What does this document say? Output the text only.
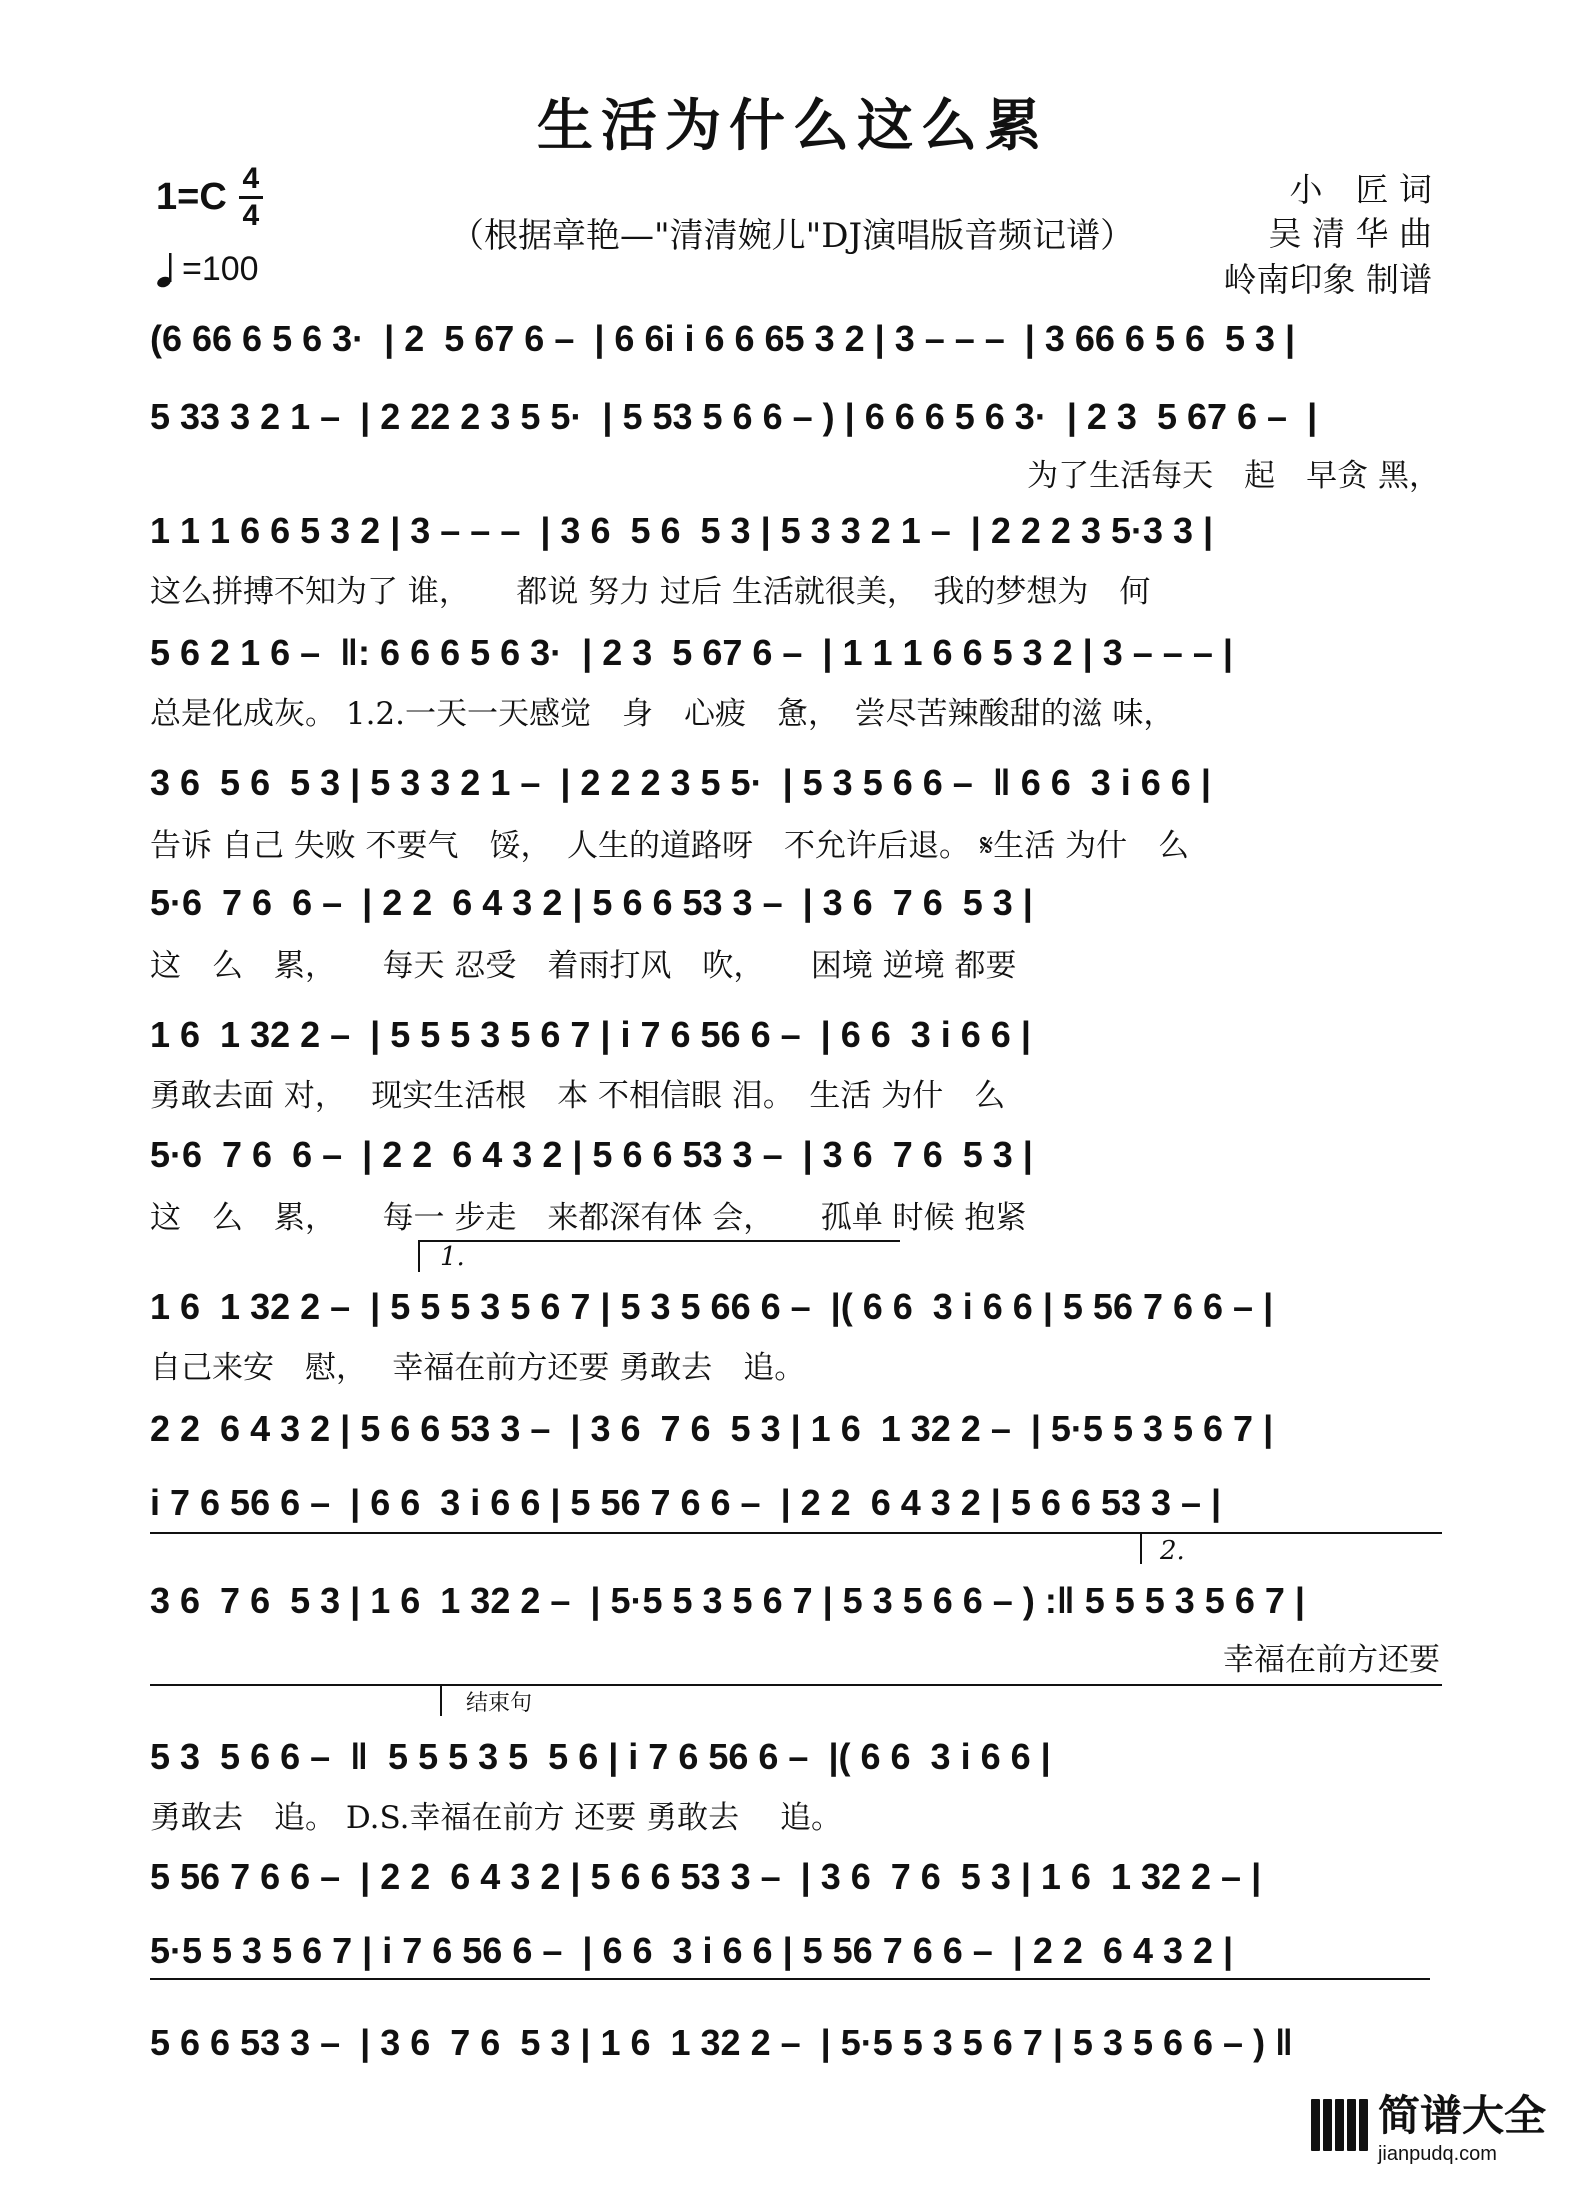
生活为什么这么累
1=C 4
4
=100
（根据章艳—"清清婉儿"DJ演唱版音频记谱）
小　匠 词
吴 清 华 曲
岭南印象 制谱
(6 66 6 5 6 3·  | 2  5 67 6 –  | 6 6i i 6 6 65 3 2 | 3 – – –  | 3 66 6 5 6  5 3 |
5 33 3 2 1 –  | 2 22 2 3 5 5·  | 5 53 5 6 6 – ) | 6 6 6 5 6 3·  | 2 3  5 67 6 –  |
为了生活每天　起　早贪 黑，
1 1 1 6 6 5 3 2 | 3 – – –  | 3 6  5 6  5 3 | 5 3 3 2 1 –  | 2 2 2 3 5·3 3 |
这么拼搏不知为了 谁，　　都说 努力 过后 生活就很美，　我的梦想为　何
5 6 2 1 6 –  ‖: 6 6 6 5 6 3·  | 2 3  5 67 6 –  | 1 1 1 6 6 5 3 2 | 3 – – – |
总是化成灰。 1.2.一天一天感觉　身　心疲　惫，　尝尽苦辣酸甜的滋 味，
3 6  5 6  5 3 | 5 3 3 2 1 –  | 2 2 2 3 5 5·  | 5 3 5 6 6 –  ‖ 6 6  3 i 6 6 |
告诉 自己 失败 不要气　馁，　人生的道路呀　不允许后退。 𝄋生活 为什　么
5·6  7 6  6 –  | 2 2  6 4 3 2 | 5 6 6 53 3 –  | 3 6  7 6  5 3 |
这　么　累，　　每天 忍受　着雨打风　吹，　　困境 逆境 都要
1 6  1 32 2 –  | 5 5 5 3 5 6 7 | i 7 6 56 6 –  | 6 6  3 i 6 6 |
勇敢去面 对，　 现实生活根　本 不相信眼 泪。　生活 为什　么
5·6  7 6  6 –  | 2 2  6 4 3 2 | 5 6 6 53 3 –  | 3 6  7 6  5 3 |
这　么　累，　　每一 步走　来都深有体 会，　　孤单 时候 抱紧
1.
1 6  1 32 2 –  | 5 5 5 3 5 6 7 | 5 3 5 66 6 –  |( 6 6  3 i 6 6 | 5 56 7 6 6 – |
自己来安　慰，　 幸福在前方还要 勇敢去　追。
2 2  6 4 3 2 | 5 6 6 53 3 –  | 3 6  7 6  5 3 | 1 6  1 32 2 –  | 5·5 5 3 5 6 7 |
i 7 6 56 6 –  | 6 6  3 i 6 6 | 5 56 7 6 6 –  | 2 2  6 4 3 2 | 5 6 6 53 3 – |
2.
3 6  7 6  5 3 | 1 6  1 32 2 –  | 5·5 5 3 5 6 7 | 5 3 5 6 6 – ) :‖ 5 5 5 3 5 6 7 |
幸福在前方还要
结束句
5 3  5 6 6 –  ‖  5 5 5 3 5  5 6 | i 7 6 56 6 –  |( 6 6  3 i 6 6 |
勇敢去　追。 D.S.幸福在前方 还要 勇敢去　 追。
5 56 7 6 6 –  | 2 2  6 4 3 2 | 5 6 6 53 3 –  | 3 6  7 6  5 3 | 1 6  1 32 2 – |
5·5 5 3 5 6 7 | i 7 6 56 6 –  | 6 6  3 i 6 6 | 5 56 7 6 6 –  | 2 2  6 4 3 2 |
5 6 6 53 3 –  | 3 6  7 6  5 3 | 1 6  1 32 2 –  | 5·5 5 3 5 6 7 | 5 3 5 6 6 – ) ‖
简谱大全
jianpudq.com
